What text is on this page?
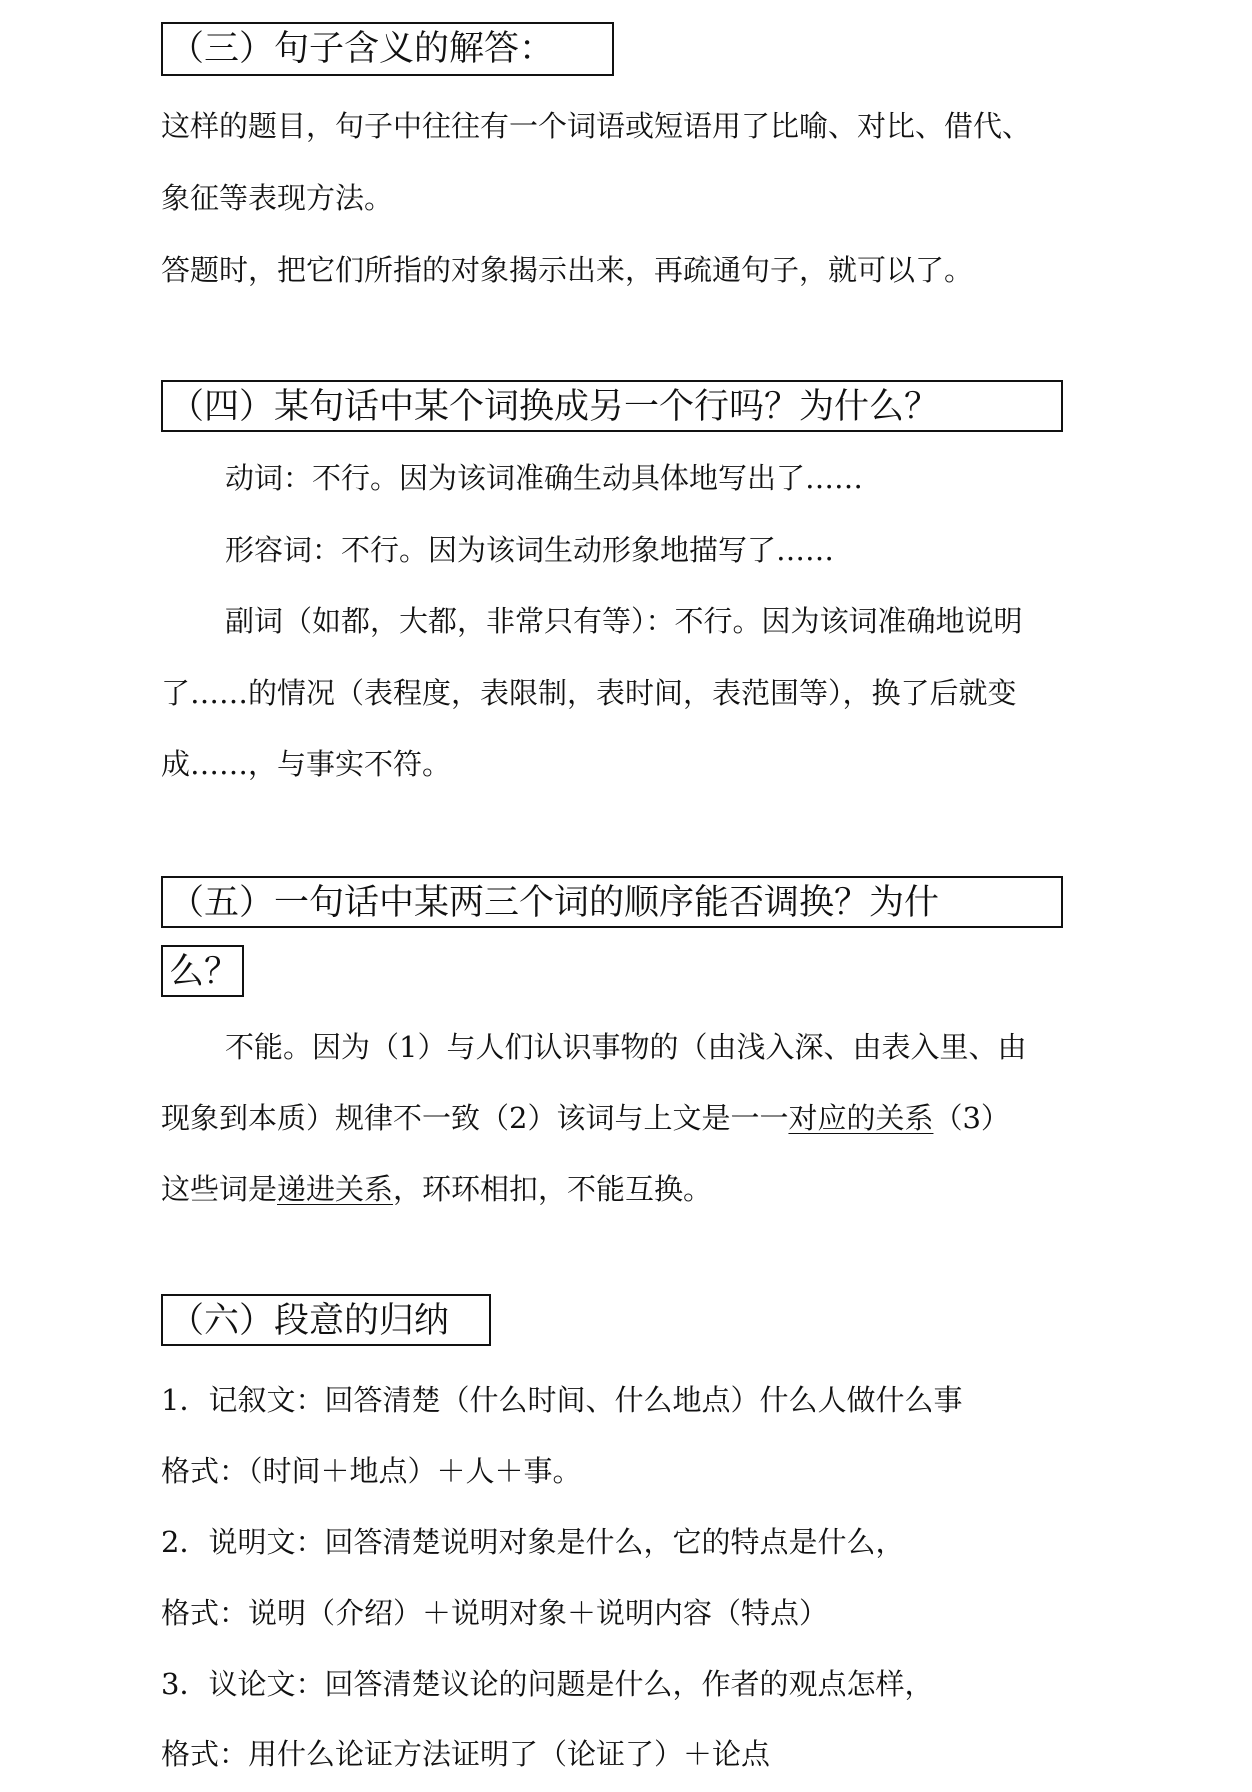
（三）句子含义的解答：
这样的题目，句子中往往有一个词语或短语用了比喻、对比、借代、
象征等表现方法。
答题时，把它们所指的对象揭示出来，再疏通句子，就可以了。
（四）某句话中某个词换成另一个行吗？为什么？
动词：不行。因为该词准确生动具体地写出了……
形容词：不行。因为该词生动形象地描写了……
副词（如都，大都，非常只有等）：不行。因为该词准确地说明
了……的情况（表程度，表限制，表时间，表范围等），换了后就变
成……，与事实不符。
（五）一句话中某两三个词的顺序能否调换？为什
么？
不能。因为（1）与人们认识事物的（由浅入深、由表入里、由
现象到本质）规律不一致（2）该词与上文是一一对应的关系（3）
这些词是递进关系，环环相扣，不能互换。
（六）段意的归纳
1．记叙文：回答清楚（什么时间、什么地点）什么人做什么事
格式：（时间＋地点）＋人＋事。
2．说明文：回答清楚说明对象是什么，它的特点是什么，
格式：说明（介绍）＋说明对象＋说明内容（特点）
3．议论文：回答清楚议论的问题是什么，作者的观点怎样，
格式：用什么论证方法证明了（论证了）＋论点
